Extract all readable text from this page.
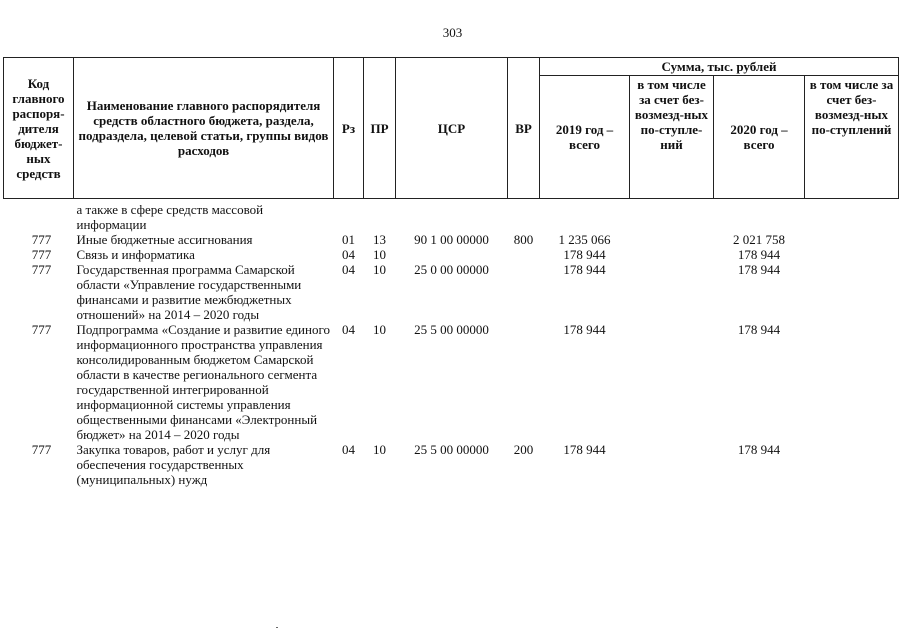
303
Код главного распоря-дителя бюджет-ных средств	Наименование главного распорядителя средств областного бюджета, раздела, подраздела, целевой статьи, группы видов расходов	Рз	ПР	ЦСР	ВР	Сумма, тыс. рублей			
						2019 год – всего	в том числе за счет без-возмезд-ных по-ступле-ний	2020 год – всего	в том числе за счет без-возмезд-ных по-ступлений
	а также в сфере средств массовой информации								
777	Иные бюджетные ассигнования	01	13	90 1 00 00000	800	1 235 066		2 021 758	
777	Связь и информатика	04	10			178 944		178 944	
777	Государственная программа Самарской области «Управление государственными финансами и развитие межбюджетных отношений» на 2014 – 2020 годы	04	10	25 0 00 00000		178 944		178 944	
777	Подпрограмма «Создание и развитие единого информационного пространства управления консолидированным бюджетом Самарской области в качестве регионального сегмента государственной интегрированной информационной системы управления общественными финансами «Электронный бюджет» на 2014 – 2020 годы	04	10	25 5 00 00000		178 944		178 944	
777	Закупка товаров, работ и услуг для обеспечения государственных (муниципальных) нужд	04	10	25 5 00 00000	200	178 944		178 944	
